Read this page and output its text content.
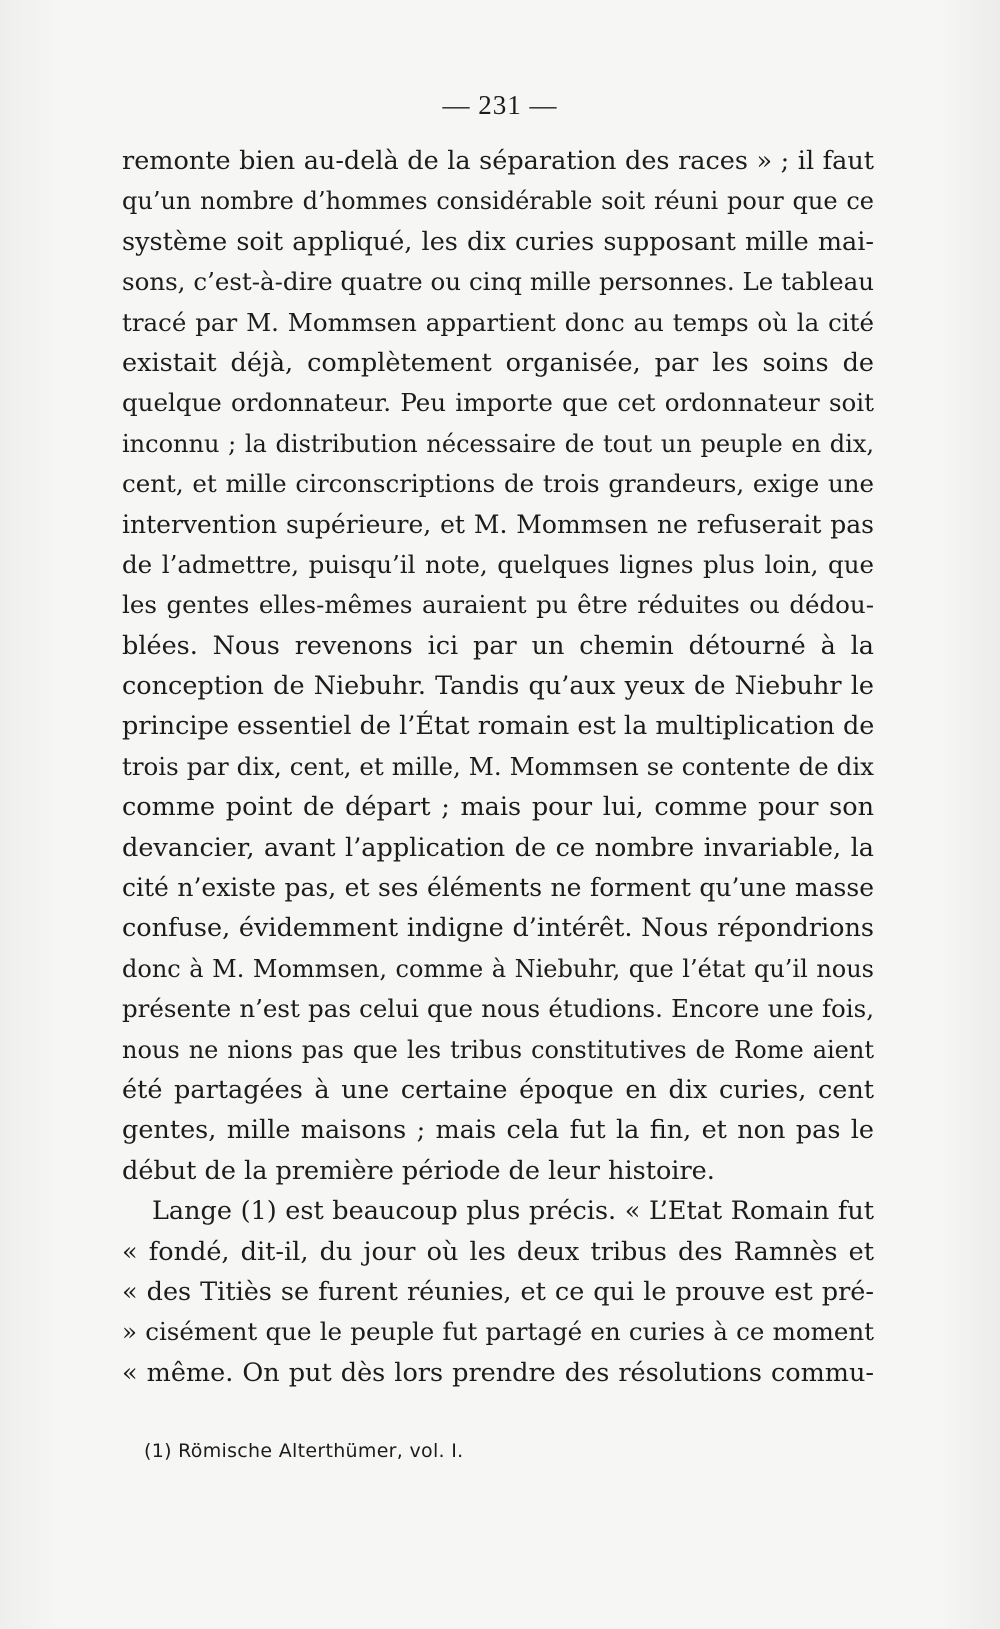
— 231 —
remonte bien au-delà de la séparation des races » ; il faut
qu’un nombre d’hommes considérable soit réuni pour que ce
système soit appliqué, les dix curies supposant mille mai-
sons, c’est-à-dire quatre ou cinq mille personnes. Le tableau
tracé par M. Mommsen appartient donc au temps où la cité
existait déjà, complètement organisée, par les soins de
quelque ordonnateur. Peu importe que cet ordonnateur soit
inconnu ; la distribution nécessaire de tout un peuple en dix,
cent, et mille circonscriptions de trois grandeurs, exige une
intervention supérieure, et M. Mommsen ne refuserait pas
de l’admettre, puisqu’il note, quelques lignes plus loin, que
les gentes elles-mêmes auraient pu être réduites ou dédou-
blées. Nous revenons ici par un chemin détourné à la
conception de Niebuhr. Tandis qu’aux yeux de Niebuhr le
principe essentiel de l’État romain est la multiplication de
trois par dix, cent, et mille, M. Mommsen se contente de dix
comme point de départ ; mais pour lui, comme pour son
devancier, avant l’application de ce nombre invariable, la
cité n’existe pas, et ses éléments ne forment qu’une masse
confuse, évidemment indigne d’intérêt. Nous répondrions
donc à M. Mommsen, comme à Niebuhr, que l’état qu’il nous
présente n’est pas celui que nous étudions. Encore une fois,
nous ne nions pas que les tribus constitutives de Rome aient
été partagées à une certaine époque en dix curies, cent
gentes, mille maisons ; mais cela fut la fin, et non pas le
début de la première période de leur histoire.
Lange (1) est beaucoup plus précis. « L’Etat Romain fut
« fondé, dit-il, du jour où les deux tribus des Ramnès et
« des Titiès se furent réunies, et ce qui le prouve est pré-
» cisément que le peuple fut partagé en curies à ce moment
« même. On put dès lors prendre des résolutions commu-
(1) Römische Alterthümer, vol. I.
